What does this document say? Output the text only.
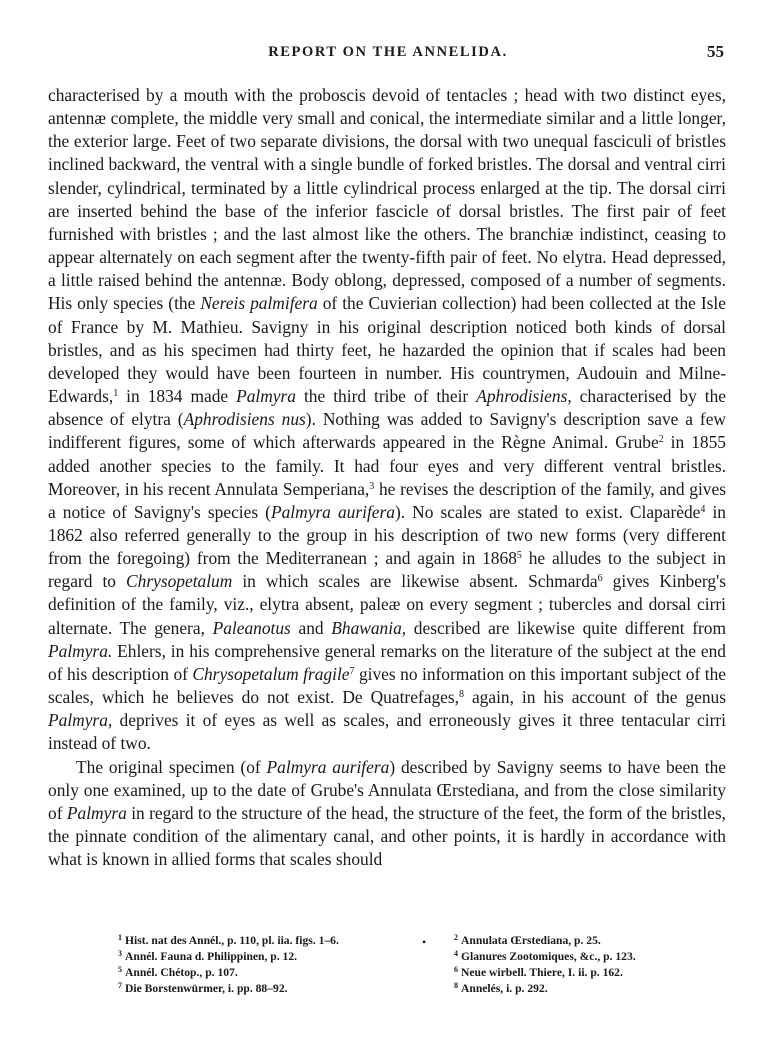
REPORT ON THE ANNELIDA.	55

characterised by a mouth with the proboscis devoid of tentacles ; head with two distinct eyes, antennæ complete, the middle very small and conical, the intermediate similar and a little longer, the exterior large. Feet of two separate divisions, the dorsal with two unequal fasciculi of bristles inclined backward, the ventral with a single bundle of forked bristles. The dorsal and ventral cirri slender, cylindrical, terminated by a little cylindrical process enlarged at the tip. The dorsal cirri are inserted behind the base of the inferior fascicle of dorsal bristles. The first pair of feet furnished with bristles ; and the last almost like the others. The branchiæ indistinct, ceasing to appear alternately on each segment after the twenty-fifth pair of feet. No elytra. Head depressed, a little raised behind the antennæ. Body oblong, depressed, composed of a number of segments. His only species (the Nereis palmifera of the Cuvierian collection) had been collected at the Isle of France by M. Mathieu. Savigny in his original description noticed both kinds of dorsal bristles, and as his specimen had thirty feet, he hazarded the opinion that if scales had been developed they would have been fourteen in number. His countrymen, Audouin and Milne-Edwards,$^1$ in 1834 made Palmyra the third tribe of their Aphrodisiens, characterised by the absence of elytra (Aphrodisiens nus). Nothing was added to Savigny's description save a few indifferent figures, some of which afterwards appeared in the Règne Animal. Grube$^2$ in 1855 added another species to the family. It had four eyes and very different ventral bristles. Moreover, in his recent Annulata Semperiana,$^3$ he revises the description of the family, and gives a notice of Savigny's species (Palmyra aurifera). No scales are stated to exist. Claparède$^4$ in 1862 also referred generally to the group in his description of two new forms (very different from the foregoing) from the Mediterranean ; and again in 1868$^5$ he alludes to the subject in regard to Chrysopetalum in which scales are likewise absent. Schmarda$^6$ gives Kinberg's definition of the family, viz., elytra absent, paleæ on every segment ; tubercles and dorsal cirri alternate. The genera, Paleanotus and Bhawania, described are likewise quite different from Palmyra. Ehlers, in his comprehensive general remarks on the literature of the subject at the end of his description of Chrysopetalum fragile$^7$ gives no information on this important subject of the scales, which he believes do not exist. De Quatrefages,$^8$ again, in his account of the genus Palmyra, deprives it of eyes as well as scales, and erroneously gives it three tentacular cirri instead of two.

The original specimen (of Palmyra aurifera) described by Savigny seems to have been the only one examined, up to the date of Grube's Annulata Œrstediana, and from the close similarity of Palmyra in regard to the structure of the head, the structure of the feet, the form of the bristles, the pinnate condition of the alimentary canal, and other points, it is hardly in accordance with what is known in allied forms that scales should

•
$^1$ Hist. nat des Annél., p. 110, pl. iia. figs. 1–6.	$^2$ Annulata Œrstediana, p. 25.
$^3$ Annél. Fauna d. Philippinen, p. 12.	$^4$ Glanures Zootomiques, &c., p. 123.
$^5$ Annél. Chétop., p. 107.	$^6$ Neue wirbell. Thiere, I. ii. p. 162.
$^7$ Die Borstenwürmer, i. pp. 88–92.	$^8$ Annelés, i. p. 292.
